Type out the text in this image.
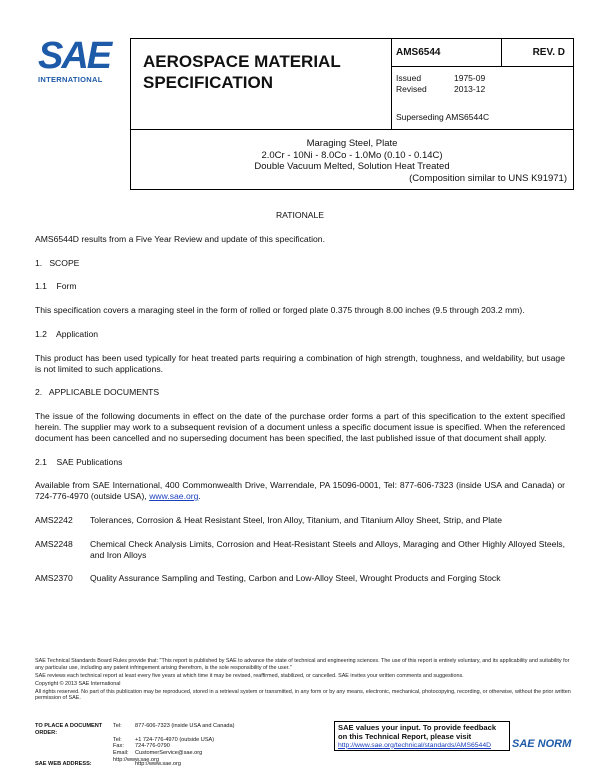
SAE
INTERNATIONAL
AEROSPACE MATERIAL
SPECIFICATION
AMS6544	REV. D
Issued	1975-09
Revised	2013-12
Superseding AMS6544C
Maraging Steel, Plate
2.0Cr - 10Ni - 8.0Co - 1.0Mo (0.10 - 0.14C)
Double Vacuum Melted, Solution Heat Treated
(Composition similar to UNS K91971)
RATIONALE
AMS6544D results from a Five Year Review and update of this specification.
1.   SCOPE
1.1    Form
This specification covers a maraging steel in the form of rolled or forged plate 0.375 through 8.00 inches (9.5 through 203.2 mm).
1.2    Application
This product has been used typically for heat treated parts requiring a combination of high strength, toughness, and weldability, but usage is not limited to such applications.
2.   APPLICABLE DOCUMENTS
The issue of the following documents in effect on the date of the purchase order forms a part of this specification to the extent specified herein. The supplier may work to a subsequent revision of a document unless a specific document issue is specified. When the referenced document has been cancelled and no superseding document has been specified, the last published issue of that document shall apply.
2.1    SAE Publications
Available from SAE International, 400 Commonwealth Drive, Warrendale, PA 15096-0001, Tel: 877-606-7323 (inside USA and Canada) or 724-776-4970 (outside USA), www.sae.org.
AMS2242	Tolerances, Corrosion & Heat Resistant Steel, Iron Alloy, Titanium, and Titanium Alloy Sheet, Strip, and Plate
AMS2248	Chemical Check Analysis Limits, Corrosion and Heat-Resistant Steels and Alloys, Maraging and Other Highly Alloyed Steels, and Iron Alloys
AMS2370	Quality Assurance Sampling and Testing, Carbon and Low-Alloy Steel, Wrought Products and Forging Stock
SAE Technical Standards Board Rules provide that: "This report is published by SAE to advance the state of technical and engineering sciences. The use of this report is entirely voluntary, and its applicability and suitability for any particular use, including any patent infringement arising therefrom, is the sole responsibility of the user."
SAE reviews each technical report at least every five years at which time it may be revised, reaffirmed, stabilized, or cancelled. SAE invites your written comments and suggestions.
Copyright © 2013 SAE International
All rights reserved. No part of this publication may be reproduced, stored in a retrieval system or transmitted, in any form or by any means, electronic, mechanical, photocopying, recording, or otherwise, without the prior written permission of SAE.
TO PLACE A DOCUMENT ORDER:
Tel:	877-606-7323 (inside USA and Canada)
Tel:	+1 724-776-4970 (outside USA)
Fax:	724-776-0790
Email:	CustomerService@sae.org
http://www.sae.org
SAE WEB ADDRESS:	http://www.sae.org
SAE values your input. To provide feedback
on this Technical Report, please visit
http://www.sae.org/technical/standards/AMS6544D	SAE NORM
